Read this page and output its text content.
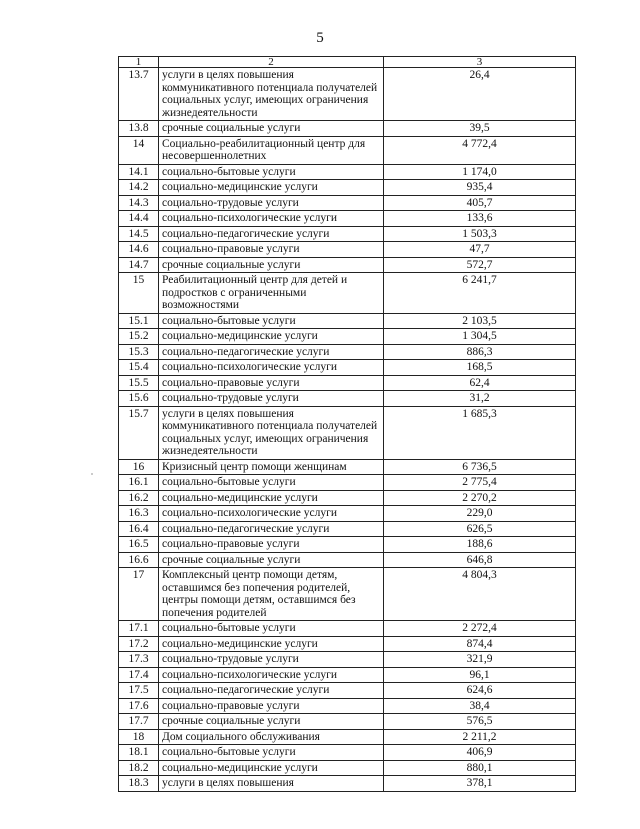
5
1	2	3
13.7	услуги в целях повышения коммуникативного потенциала получателей социальных услуг, имеющих ограничения жизнедеятельности	26,4
13.8	срочные социальные услуги	39,5
14	Социально-реабилитационный центр для несовершеннолетних	4 772,4
14.1	социально-бытовые услуги	1 174,0
14.2	социально-медицинские услуги	935,4
14.3	социально-трудовые услуги	405,7
14.4	социально-психологические услуги	133,6
14.5	социально-педагогические услуги	1 503,3
14.6	социально-правовые услуги	47,7
14.7	срочные социальные услуги	572,7
15	Реабилитационный центр для детей и подростков с ограниченными возможностями	6 241,7
15.1	социально-бытовые услуги	2 103,5
15.2	социально-медицинские услуги	1 304,5
15.3	социально-педагогические услуги	886,3
15.4	социально-психологические услуги	168,5
15.5	социально-правовые услуги	62,4
15.6	социально-трудовые услуги	31,2
15.7	услуги в целях повышения коммуникативного потенциала получателей социальных услуг, имеющих ограничения жизнедеятельности	1 685,3
16	Кризисный центр помощи женщинам	6 736,5
16.1	социально-бытовые услуги	2 775,4
16.2	социально-медицинские услуги	2 270,2
16.3	социально-психологические услуги	229,0
16.4	социально-педагогические услуги	626,5
16.5	социально-правовые услуги	188,6
16.6	срочные социальные услуги	646,8
17	Комплексный центр помощи детям, оставшимся без попечения родителей, центры помощи детям, оставшимся без попечения родителей	4 804,3
17.1	социально-бытовые услуги	2 272,4
17.2	социально-медицинские услуги	874,4
17.3	социально-трудовые услуги	321,9
17.4	социально-психологические услуги	96,1
17.5	социально-педагогические услуги	624,6
17.6	социально-правовые услуги	38,4
17.7	срочные социальные услуги	576,5
18	Дом социального обслуживания	2 211,2
18.1	социально-бытовые услуги	406,9
18.2	социально-медицинские услуги	880,1
18.3	услуги в целях повышения	378,1
